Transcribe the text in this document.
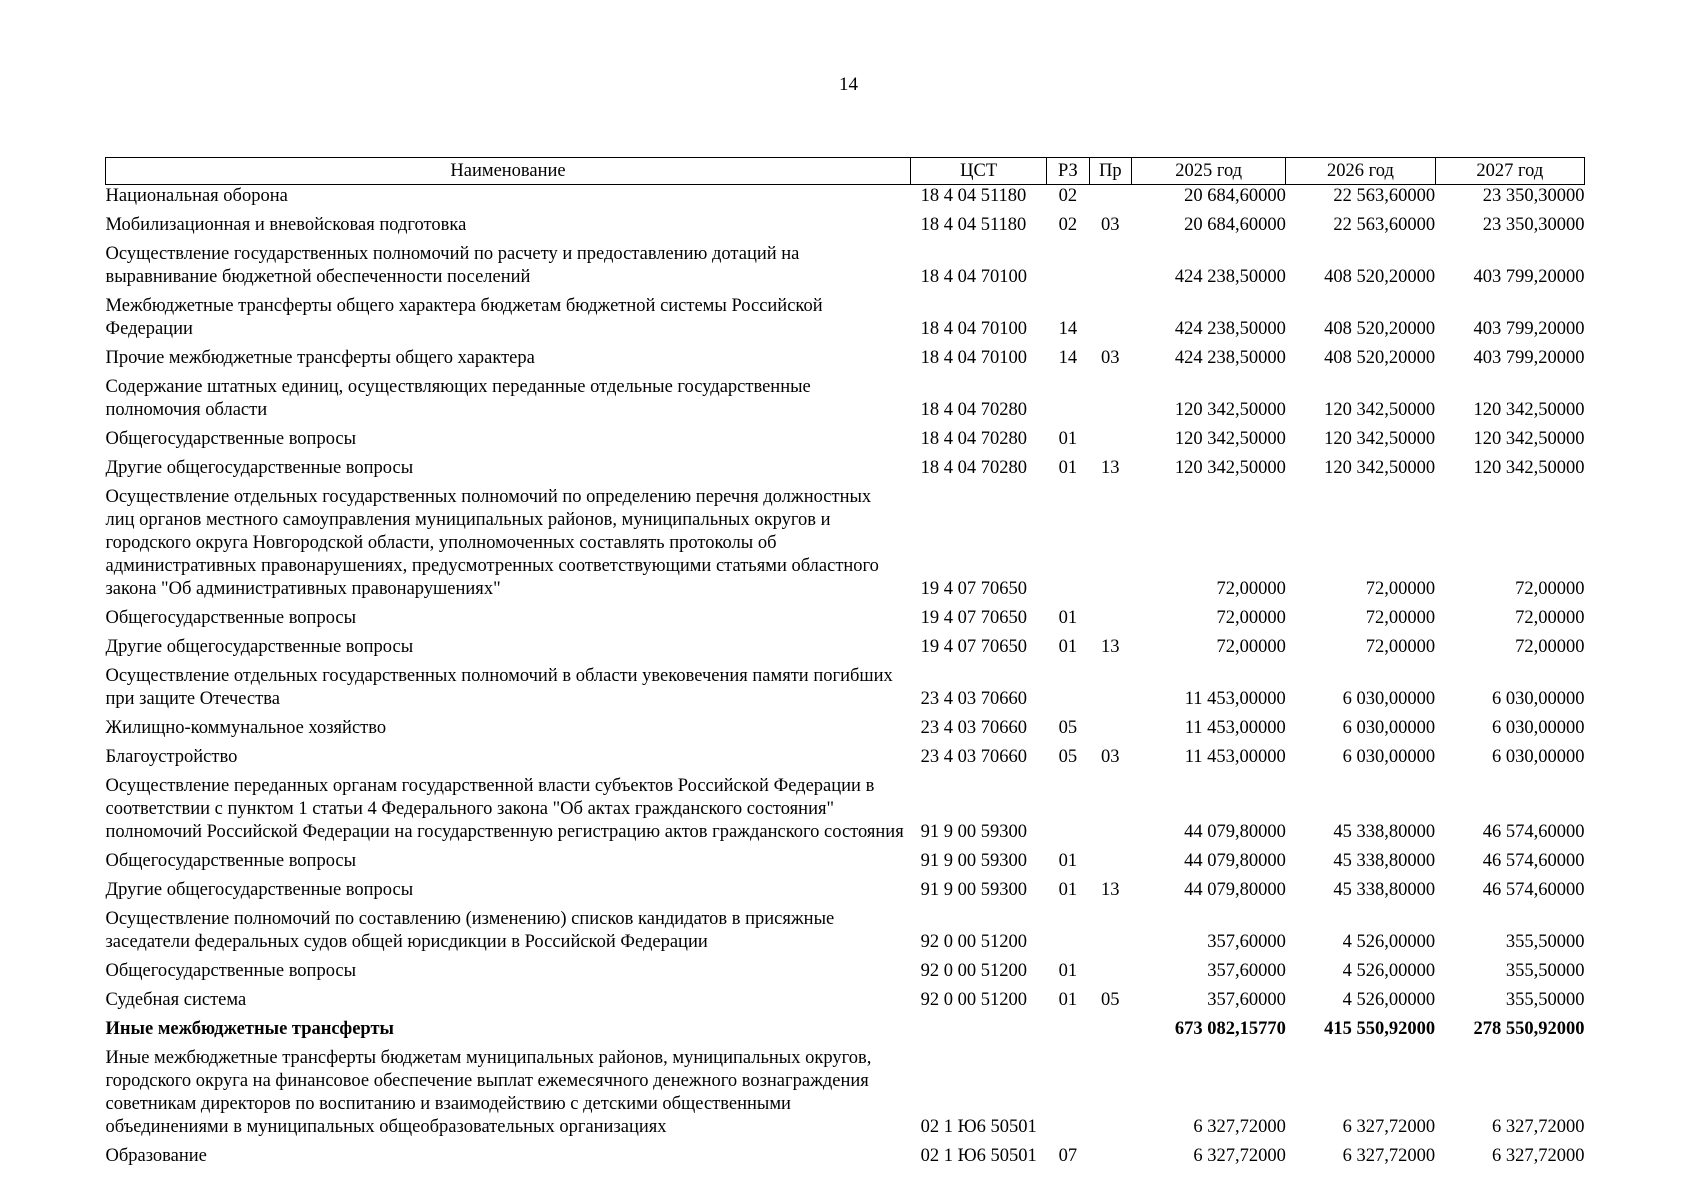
14
Наименование	ЦСТ	РЗ	Пр	2025 год	2026 год	2027 год
Национальная оборона	18 4 04 51180	02		20 684,60000	22 563,60000	23 350,30000
Мобилизационная и вневойсковая подготовка	18 4 04 51180	02	03	20 684,60000	22 563,60000	23 350,30000
Осуществление государственных полномочий по расчету и предоставлению дотаций на выравнивание бюджетной обеспеченности поселений	18 4 04 70100			424 238,50000	408 520,20000	403 799,20000
Межбюджетные трансферты общего характера бюджетам бюджетной системы Российской Федерации	18 4 04 70100	14		424 238,50000	408 520,20000	403 799,20000
Прочие межбюджетные трансферты общего характера	18 4 04 70100	14	03	424 238,50000	408 520,20000	403 799,20000
Содержание штатных единиц, осуществляющих переданные отдельные государственные полномочия области	18 4 04 70280			120 342,50000	120 342,50000	120 342,50000
Общегосударственные вопросы	18 4 04 70280	01		120 342,50000	120 342,50000	120 342,50000
Другие общегосударственные вопросы	18 4 04 70280	01	13	120 342,50000	120 342,50000	120 342,50000
Осуществление отдельных государственных полномочий по определению перечня должностных лиц органов местного самоуправления муниципальных районов, муниципальных округов и городского округа Новгородской области, уполномоченных составлять протоколы об административных правонарушениях, предусмотренных соответствующими статьями областного закона "Об административных правонарушениях"	19 4 07 70650			72,00000	72,00000	72,00000
Общегосударственные вопросы	19 4 07 70650	01		72,00000	72,00000	72,00000
Другие общегосударственные вопросы	19 4 07 70650	01	13	72,00000	72,00000	72,00000
Осуществление отдельных государственных полномочий в области увековечения памяти погибших при защите Отечества	23 4 03 70660			11 453,00000	6 030,00000	6 030,00000
Жилищно-коммунальное хозяйство	23 4 03 70660	05		11 453,00000	6 030,00000	6 030,00000
Благоустройство	23 4 03 70660	05	03	11 453,00000	6 030,00000	6 030,00000
Осуществление переданных органам государственной власти субъектов Российской Федерации в соответствии с пунктом 1 статьи 4 Федерального закона "Об актах гражданского состояния" полномочий Российской Федерации на государственную регистрацию актов гражданского состояния	91 9 00 59300			44 079,80000	45 338,80000	46 574,60000
Общегосударственные вопросы	91 9 00 59300	01		44 079,80000	45 338,80000	46 574,60000
Другие общегосударственные вопросы	91 9 00 59300	01	13	44 079,80000	45 338,80000	46 574,60000
Осуществление полномочий по составлению (изменению) списков кандидатов в присяжные заседатели федеральных судов общей юрисдикции в Российской Федерации	92 0 00 51200			357,60000	4 526,00000	355,50000
Общегосударственные вопросы	92 0 00 51200	01		357,60000	4 526,00000	355,50000
Судебная система	92 0 00 51200	01	05	357,60000	4 526,00000	355,50000
Иные межбюджетные трансферты				673 082,15770	415 550,92000	278 550,92000
Иные межбюджетные трансферты бюджетам муниципальных районов, муниципальных округов, городского округа на финансовое обеспечение выплат ежемесячного денежного вознаграждения советникам директоров по воспитанию и взаимодействию с детскими общественными объединениями в муниципальных общеобразовательных организациях	02 1 Ю6 50501			6 327,72000	6 327,72000	6 327,72000
Образование	02 1 Ю6 50501	07		6 327,72000	6 327,72000	6 327,72000
